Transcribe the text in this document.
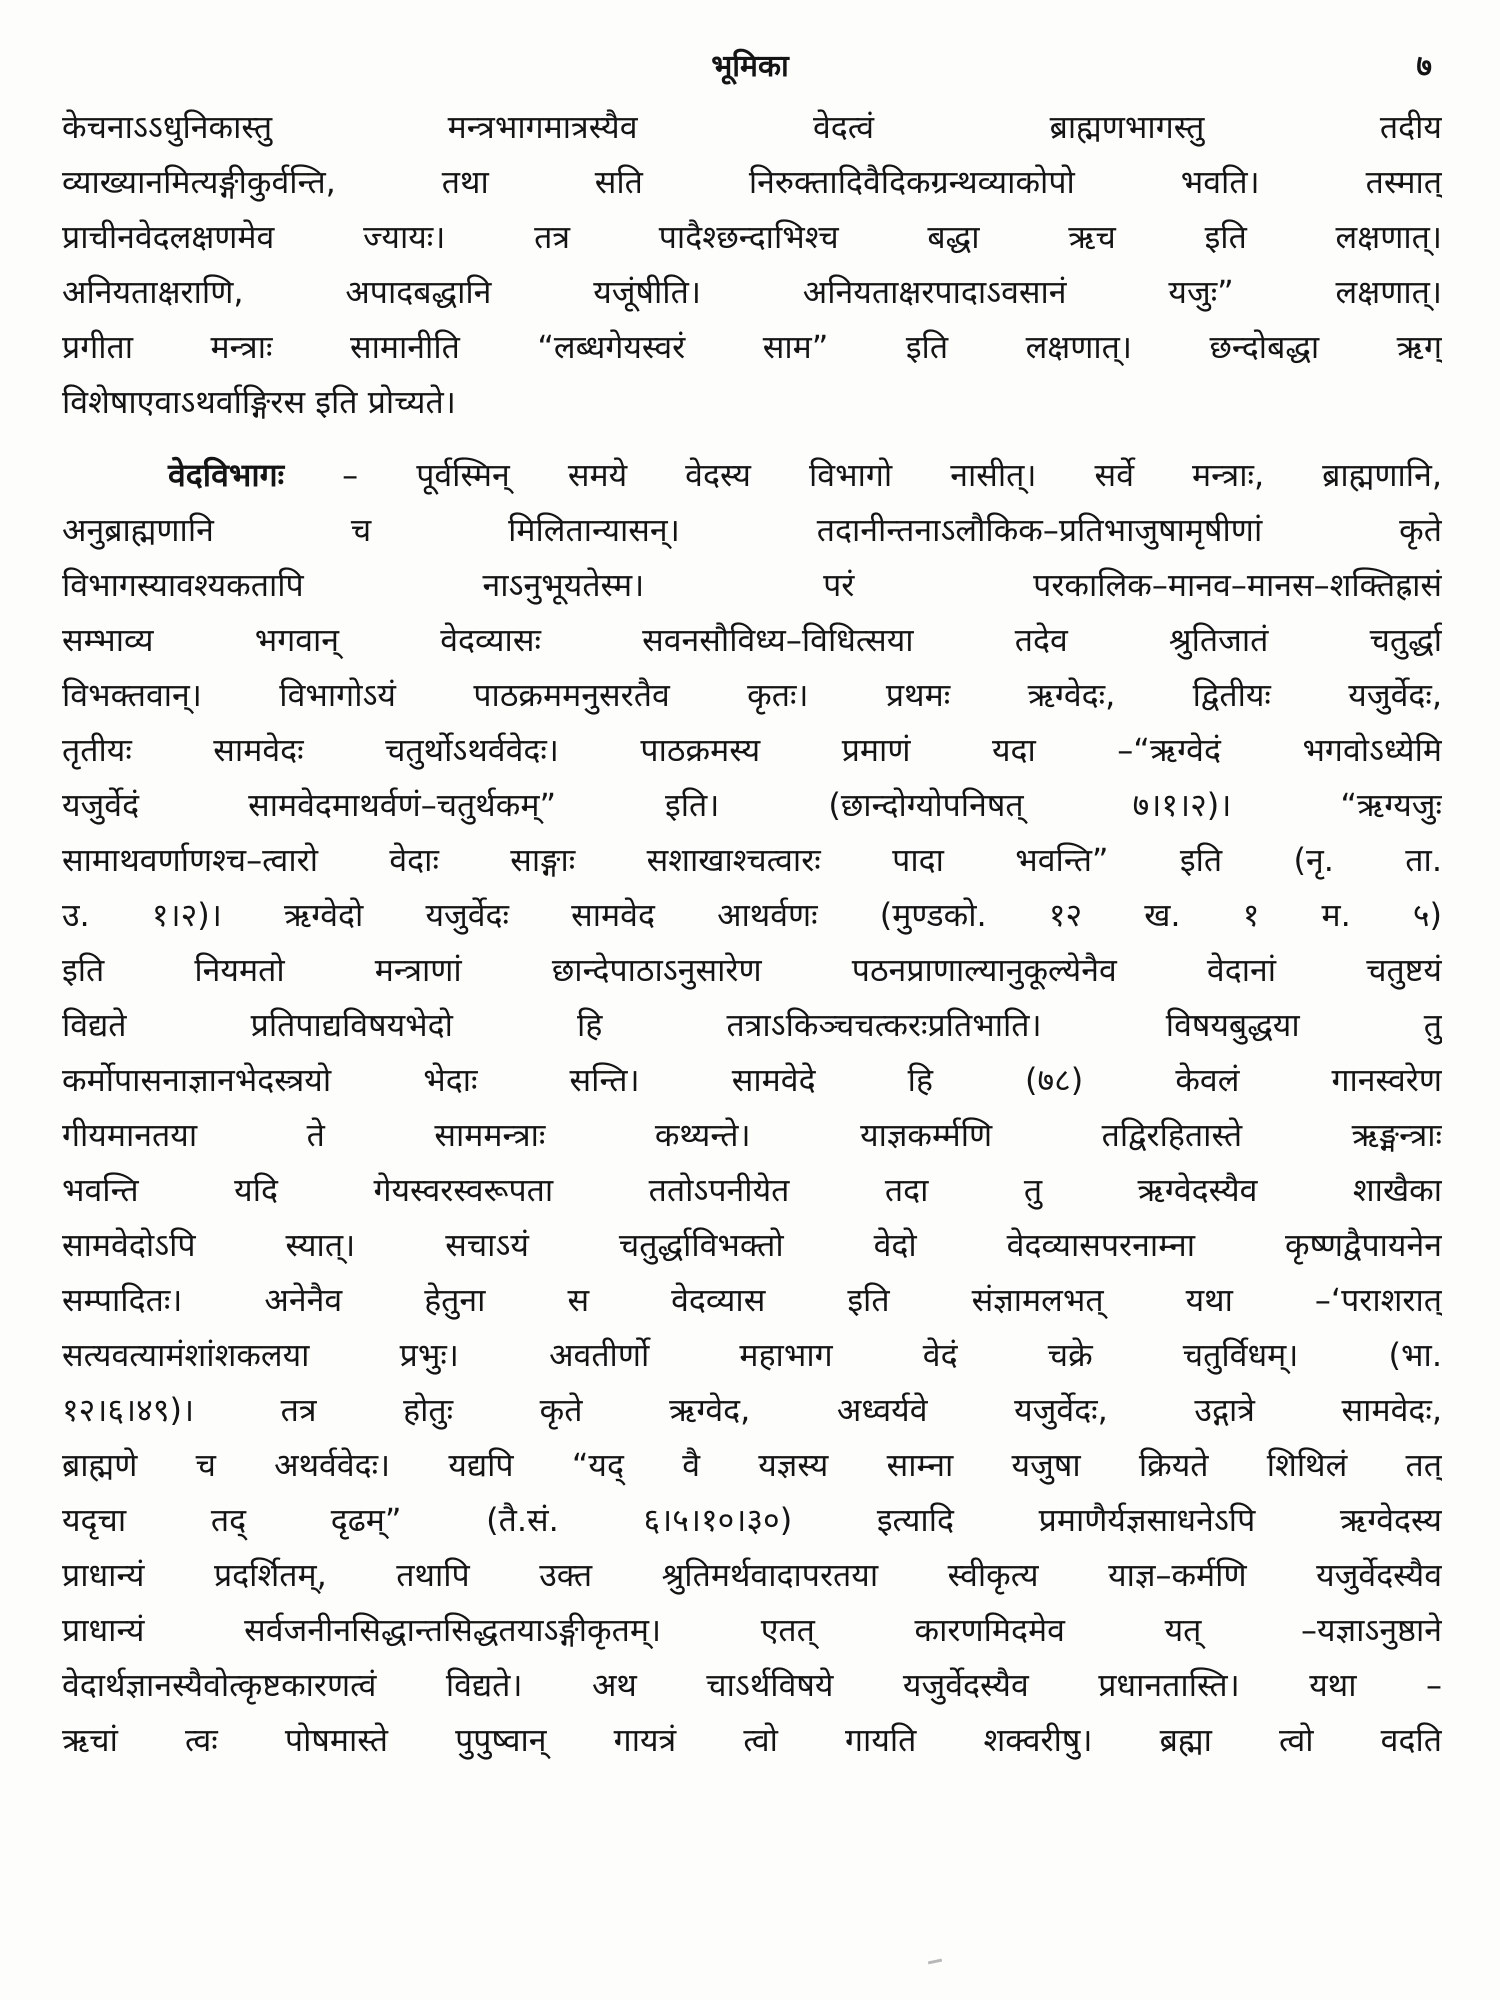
भूमिका	७
केचनाऽऽधुनिकास्तु मन्त्रभागमात्रस्यैव वेदत्वं ब्राह्मणभागस्तु तदीय
व्याख्यानमित्यङ्गीकुर्वन्ति, तथा सति निरुक्तादिवैदिकग्रन्थव्याकोपो भवति। तस्मात्
प्राचीनवेदलक्षणमेव ज्यायः। तत्र पादैश्छन्दाभिश्च बद्धा ऋच इति लक्षणात्।
अनियताक्षराणि, अपादबद्धानि यजूंषीति। अनियताक्षरपादाऽवसानं यजुः” लक्षणात्।
प्रगीता मन्त्राः सामानीति “लब्धगेयस्वरं साम” इति लक्षणात्। छन्दोबद्धा ऋग्
विशेषाएवाऽथर्वाङ्गिरस इति प्रोच्यते।
वेदविभागः – पूर्वस्मिन् समये वेदस्य विभागो नासीत्। सर्वे मन्त्राः, ब्राह्मणानि,
अनुब्राह्मणानि च मिलितान्यासन्। तदानीन्तनाऽलौकिक–प्रतिभाजुषामृषीणां कृते
विभागस्यावश्यकतापि नाऽनुभूयतेस्म। परं परकालिक–मानव–मानस–शक्तिह्रासं
सम्भाव्य भगवान् वेदव्यासः सवनसौविध्य–विधित्सया तदेव श्रुतिजातं चतुर्द्धा
विभक्तवान्। विभागोऽयं पाठक्रममनुसरतैव कृतः। प्रथमः ऋग्वेदः, द्वितीयः यजुर्वेदः,
तृतीयः सामवेदः चतुर्थोऽथर्ववेदः। पाठक्रमस्य प्रमाणं यदा –“ऋग्वेदं भगवोऽध्येमि
यजुर्वेदं सामवेदमाथर्वणं–चतुर्थकम्” इति। (छान्दोग्योपनिषत् ७।१।२)। “ऋग्यजुः
सामाथवर्णाणश्च–त्वारो वेदाः साङ्गाः सशाखाश्चत्वारः पादा भवन्ति” इति (नृ. ता.
उ. १।२)। ऋग्वेदो यजुर्वेदः सामवेद आथर्वणः (मुण्डको. १२ ख. १ म. ५)
इति नियमतो मन्त्राणां छान्देपाठाऽनुसारेण पठनप्राणाल्यानुकूल्येनैव वेदानां चतुष्टयं
विद्यते प्रतिपाद्यविषयभेदो हि तत्राऽकिञ्चचत्करःप्रतिभाति। विषयबुद्धया तु
कर्मोपासनाज्ञानभेदस्त्रयो भेदाः सन्ति। सामवेदे हि (७८) केवलं गानस्वरेण
गीयमानतया ते साममन्त्राः कथ्यन्ते। याज्ञकर्म्मणि तद्विरहितास्ते ऋङ्मन्त्राः
भवन्ति यदि गेयस्वरस्वरूपता ततोऽपनीयेत तदा तु ऋग्वेदस्यैव शाखैका
सामवेदोऽपि स्यात्। सचाऽयं चतुर्द्धाविभक्तो वेदो वेदव्यासपरनाम्ना कृष्णद्वैपायनेन
सम्पादितः। अनेनैव हेतुना स वेदव्यास इति संज्ञामलभत् यथा –‘पराशरात्
सत्यवत्यामंशांशकलया प्रभुः। अवतीर्णो महाभाग वेदं चक्रे चतुर्विधम्। (भा.
१२।६।४९)। तत्र होतुः कृते ऋग्वेद, अध्वर्यवे यजुर्वेदः, उद्गात्रे सामवेदः,
ब्राह्मणे च अथर्ववेदः। यद्यपि “यद् वै यज्ञस्य साम्ना यजुषा क्रियते शिथिलं तत्
यदृचा तद् दृढम्” (तै.सं. ६।५।१०।३०) इत्यादि प्रमाणैर्यज्ञसाधनेऽपि ऋग्वेदस्य
प्राधान्यं प्रदर्शितम्, तथापि उक्त श्रुतिमर्थवादापरतया स्वीकृत्य याज्ञ–कर्मणि यजुर्वेदस्यैव
प्राधान्यं सर्वजनीनसिद्धान्तसिद्धतयाऽङ्गीकृतम्। एतत् कारणमिदमेव यत् –यज्ञाऽनुष्ठाने
वेदार्थज्ञानस्यैवोत्कृष्टकारणत्वं विद्यते। अथ चाऽर्थविषये यजुर्वेदस्यैव प्रधानतास्ति। यथा –
ऋचां त्वः पोषमास्ते पुपुष्वान् गायत्रं त्वो गायति शक्वरीषु। ब्रह्मा त्वो वदति
